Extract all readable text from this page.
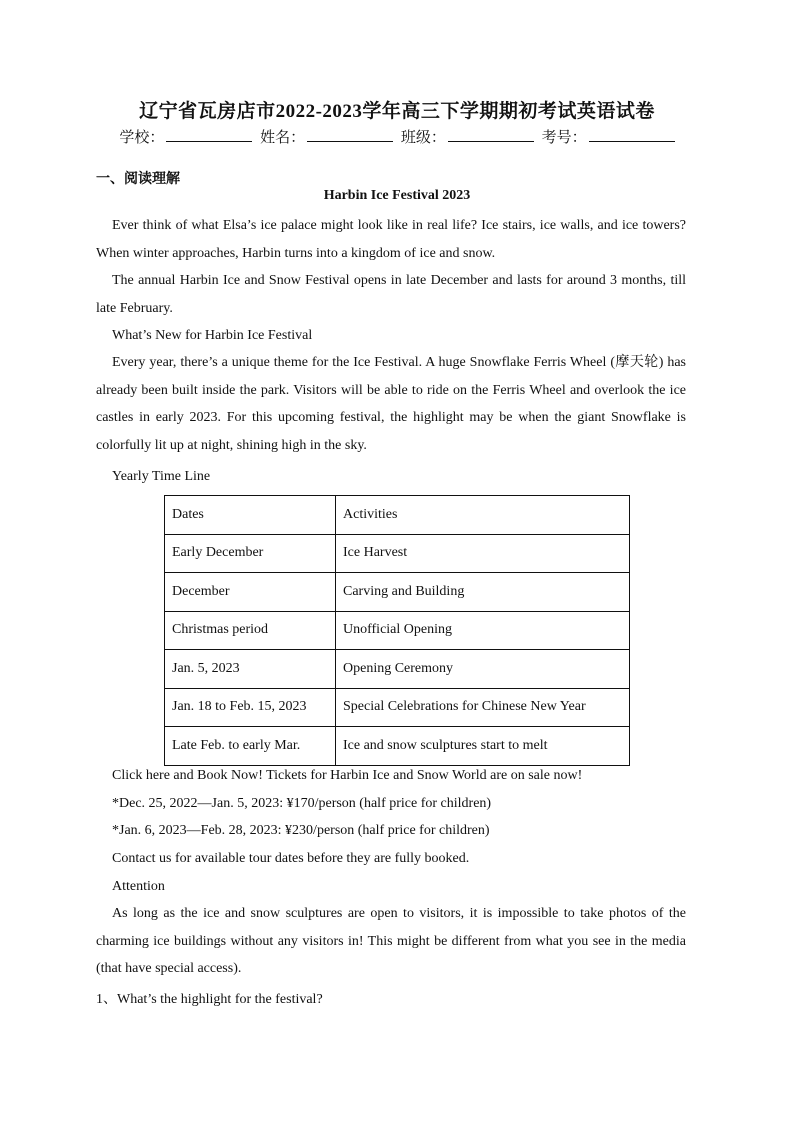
辽宁省瓦房店市2022-2023学年高三下学期期初考试英语试卷
学校：	姓名：	班级：	考号：
一、阅读理解
Harbin Ice Festival 2023

Ever think of what Elsa’s ice palace might look like in real life? Ice stairs, ice walls, and ice towers? When winter approaches, Harbin turns into a kingdom of ice and snow.

The annual Harbin Ice and Snow Festival opens in late December and lasts for around 3 months, till late February.

What’s New for Harbin Ice Festival

Every year, there’s a unique theme for the Ice Festival. A huge Snowflake Ferris Wheel (摩天轮) has already been built inside the park. Visitors will be able to ride on the Ferris Wheel and overlook the ice castles in early 2023. For this upcoming festival, the highlight may be when the giant Snowflake is colorfully lit up at night, shining high in the sky.

Yearly Time Line
Dates	Activities
Early December	Ice Harvest
December	Carving and Building
Christmas period	Unofficial Opening
Jan. 5, 2023	Opening Ceremony
Jan. 18 to Feb. 15, 2023	Special Celebrations for Chinese New Year
Late Feb. to early Mar.	Ice and snow sculptures start to melt
Click here and Book Now! Tickets for Harbin Ice and Snow World are on sale now!
*Dec. 25, 2022—Jan. 5, 2023: ¥170/person (half price for children)
*Jan. 6, 2023—Feb. 28, 2023: ¥230/person (half price for children)
Contact us for available tour dates before they are fully booked.
Attention

As long as the ice and snow sculptures are open to visitors, it is impossible to take photos of the charming ice buildings without any visitors in! This might be different from what you see in the media (that have special access).

1、What’s the highlight for the festival?
